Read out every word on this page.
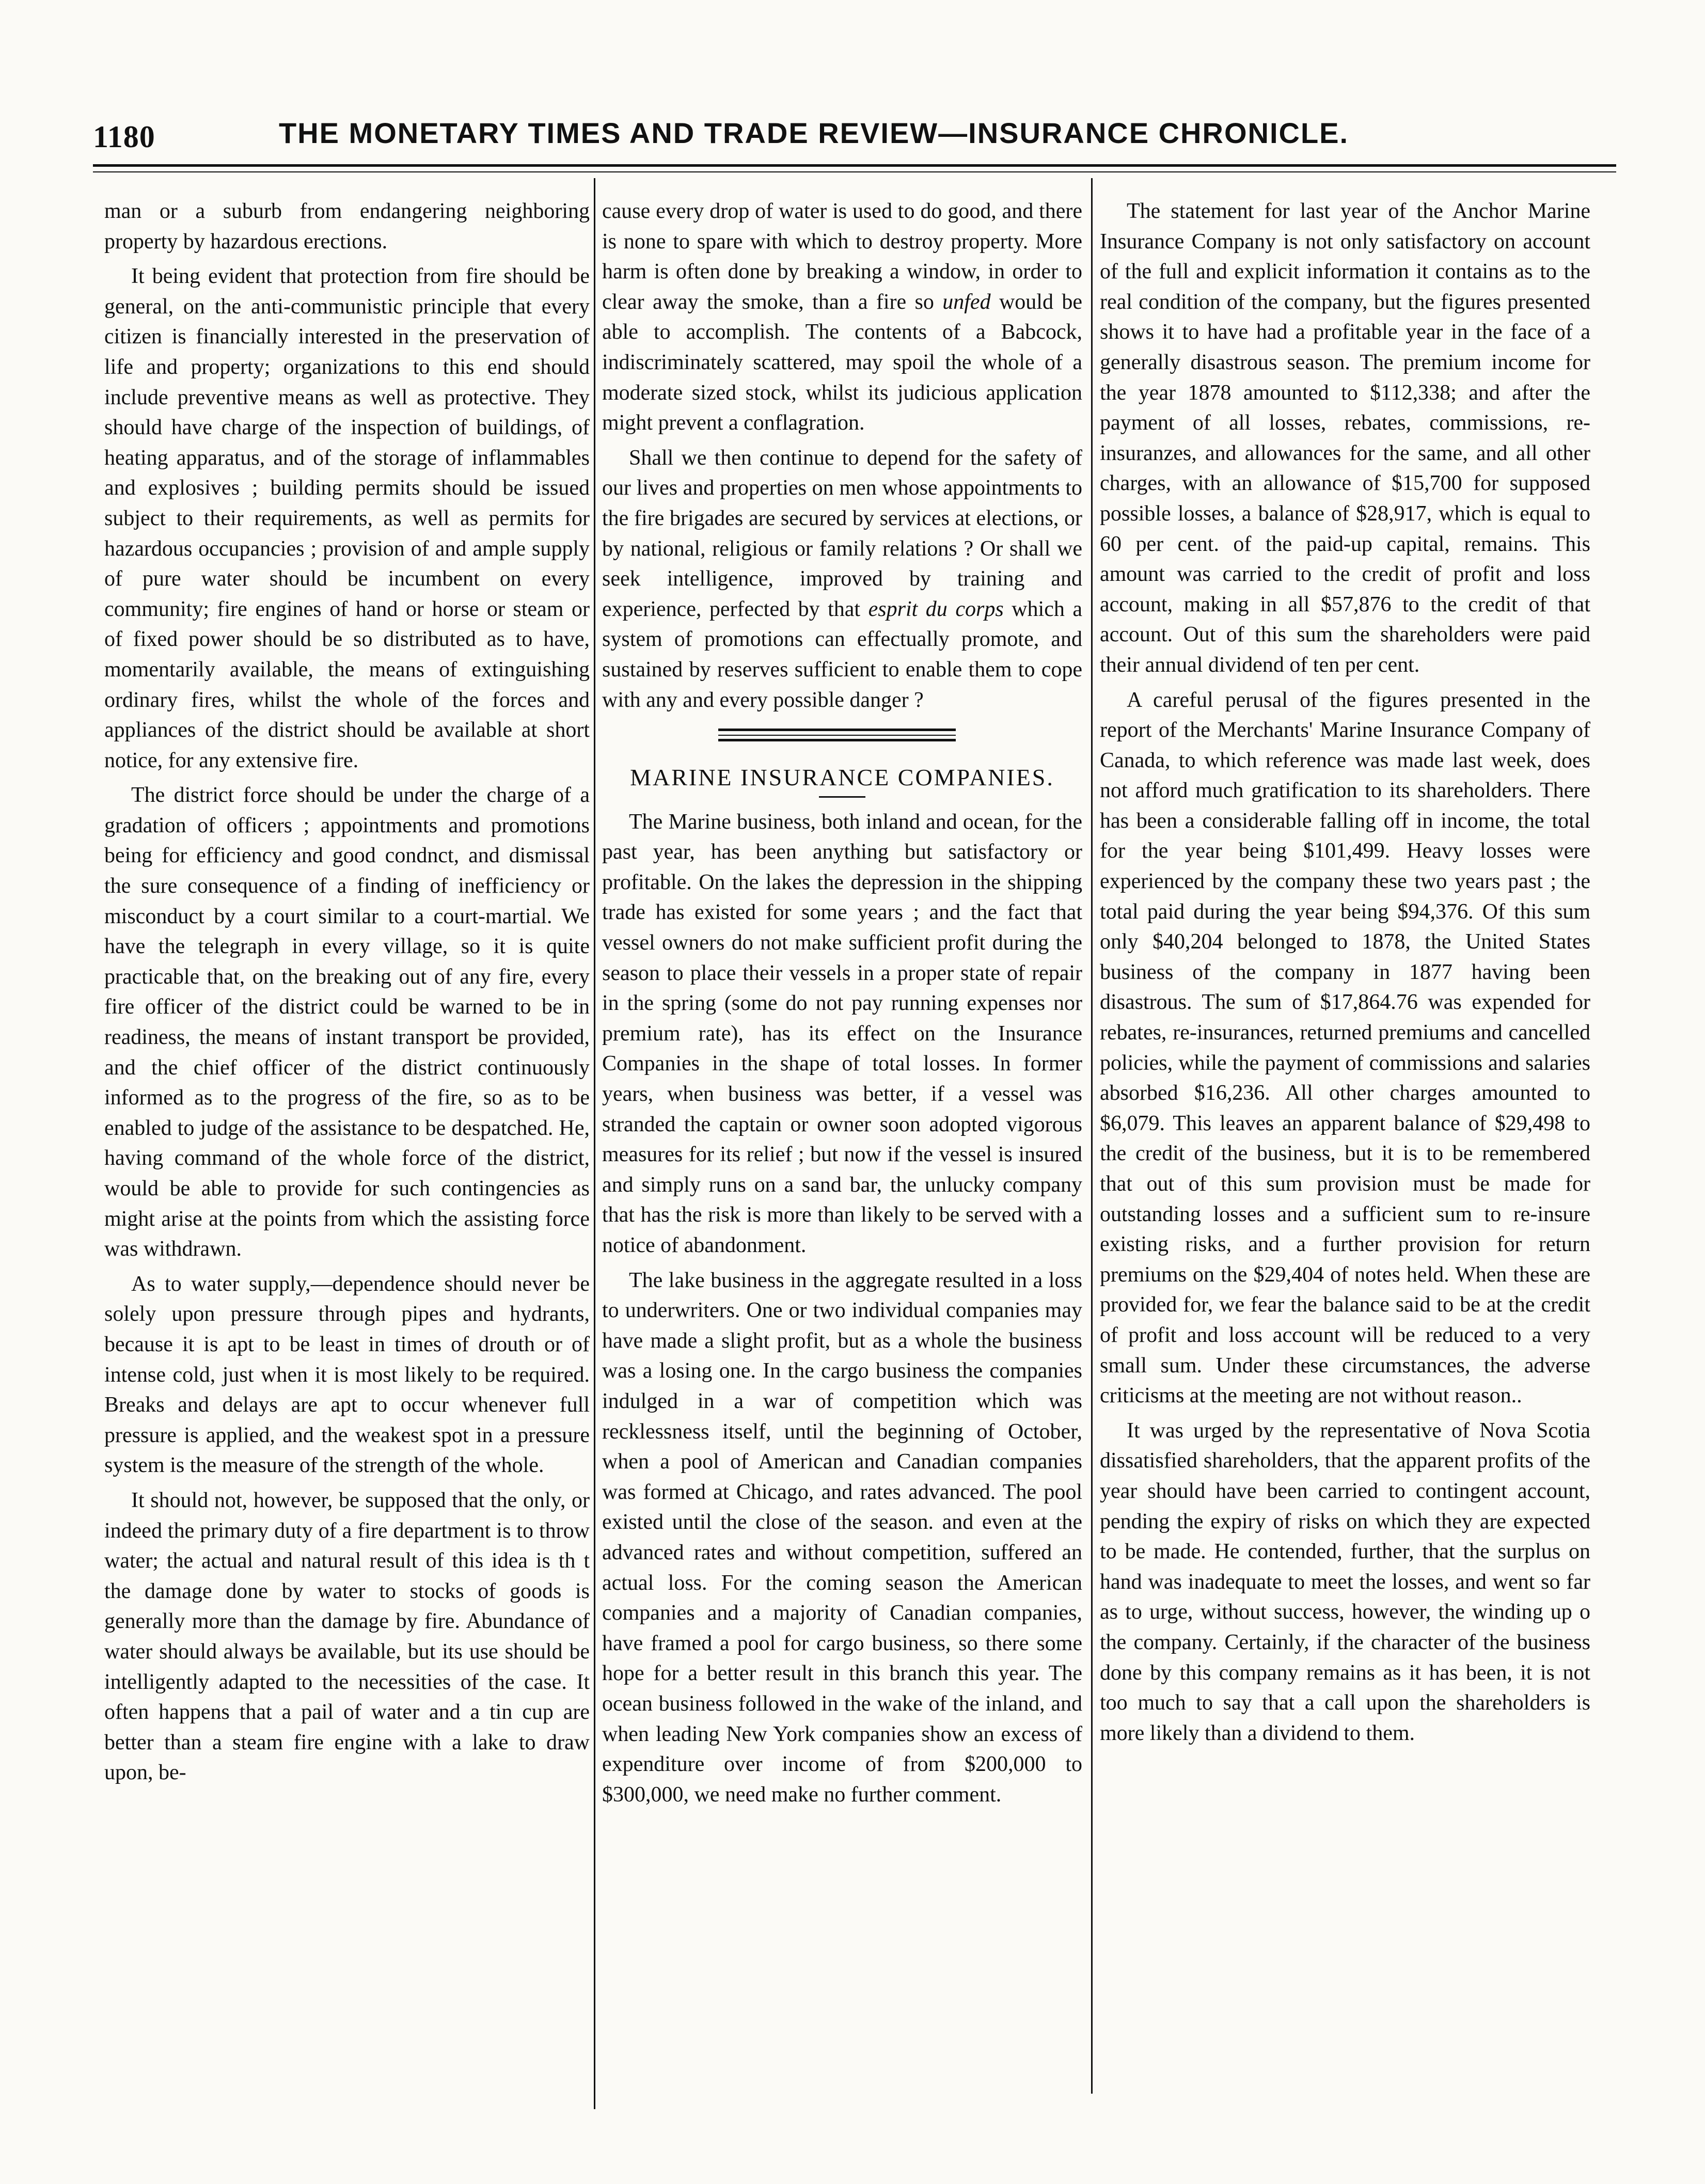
1180	THE MONETARY TIMES AND TRADE REVIEW—INSURANCE CHRONICLE.

man or a suburb from endangering neighboring property by hazardous erections.

It being evident that protection from fire should be general, on the anti-communistic principle that every citizen is financially interested in the preservation of life and property; organizations to this end should include preventive means as well as protective. They should have charge of the inspection of buildings, of heating apparatus, and of the storage of inflammables and explosives ; building permits should be issued subject to their requirements, as well as permits for hazardous occupancies ; provision of and ample supply of pure water should be incumbent on every community; fire engines of hand or horse or steam or of fixed power should be so distributed as to have, momentarily available, the means of extinguishing ordinary fires, whilst the whole of the forces and appliances of the district should be available at short notice, for any extensive fire.

The district force should be under the charge of a gradation of officers ; appointments and promotions being for efficiency and good condnct, and dismissal the sure consequence of a finding of inefficiency or misconduct by a court similar to a court-martial. We have the telegraph in every village, so it is quite practicable that, on the breaking out of any fire, every fire officer of the district could be warned to be in readiness, the means of instant transport be provided, and the chief officer of the district continuously informed as to the progress of the fire, so as to be enabled to judge of the assistance to be despatched. He, having command of the whole force of the district, would be able to provide for such contingencies as might arise at the points from which the assisting force was withdrawn.

As to water supply,—dependence should never be solely upon pressure through pipes and hydrants, because it is apt to be least in times of drouth or of intense cold, just when it is most likely to be required. Breaks and delays are apt to occur whenever full pressure is applied, and the weakest spot in a pressure system is the measure of the strength of the whole.

It should not, however, be supposed that the only, or indeed the primary duty of a fire department is to throw water; the actual and natural result of this idea is th t the damage done by water to stocks of goods is generally more than the damage by fire. Abundance of water should always be available, but its use should be intelligently adapted to the necessities of the case. It often happens that a pail of water and a tin cup are better than a steam fire engine with a lake to draw upon, be-

cause every drop of water is used to do good, and there is none to spare with which to destroy property. More harm is often done by breaking a window, in order to clear away the smoke, than a fire so unfed would be able to accomplish. The contents of a Babcock, indiscriminately scattered, may spoil the whole of a moderate sized stock, whilst its judicious application might prevent a conflagration.

Shall we then continue to depend for the safety of our lives and properties on men whose appointments to the fire brigades are secured by services at elections, or by national, religious or family relations ? Or shall we seek intelligence, improved by training and experience, perfected by that esprit du corps which a system of promotions can effectually promote, and sustained by reserves sufficient to enable them to cope with any and every possible danger ?

MARINE INSURANCE COMPANIES.

The Marine business, both inland and ocean, for the past year, has been anything but satisfactory or profitable. On the lakes the depression in the shipping trade has existed for some years ; and the fact that vessel owners do not make sufficient profit during the season to place their vessels in a proper state of repair in the spring (some do not pay running expenses nor premium rate), has its effect on the Insurance Companies in the shape of total losses. In former years, when business was better, if a vessel was stranded the captain or owner soon adopted vigorous measures for its relief ; but now if the vessel is insured and simply runs on a sand bar, the unlucky company that has the risk is more than likely to be served with a notice of abandonment.

The lake business in the aggregate resulted in a loss to underwriters. One or two individual companies may have made a slight profit, but as a whole the business was a losing one. In the cargo business the companies indulged in a war of competition which was recklessness itself, until the beginning of October, when a pool of American and Canadian companies was formed at Chicago, and rates advanced. The pool existed until the close of the season. and even at the advanced rates and without competition, suffered an actual loss. For the coming season the American companies and a majority of Canadian companies, have framed a pool for cargo business, so there some hope for a better result in this branch this year. The ocean business followed in the wake of the inland, and when leading New York companies show an excess of expenditure over income of from $200,000 to $300,000, we need make no further comment.

The statement for last year of the Anchor Marine Insurance Company is not only satisfactory on account of the full and explicit information it contains as to the real condition of the company, but the figures presented shows it to have had a profitable year in the face of a generally disastrous season. The premium income for the year 1878 amounted to $112,338; and after the payment of all losses, rebates, commissions, re-insuranzes, and allowances for the same, and all other charges, with an allowance of $15,700 for supposed possible losses, a balance of $28,917, which is equal to 60 per cent. of the paid-up capital, remains. This amount was carried to the credit of profit and loss account, making in all $57,876 to the credit of that account. Out of this sum the shareholders were paid their annual dividend of ten per cent.

A careful perusal of the figures presented in the report of the Merchants' Marine Insurance Company of Canada, to which reference was made last week, does not afford much gratification to its shareholders. There has been a considerable falling off in income, the total for the year being $101,499. Heavy losses were experienced by the company these two years past ; the total paid during the year being $94,376. Of this sum only $40,204 belonged to 1878, the United States business of the company in 1877 having been disastrous. The sum of $17,864.76 was expended for rebates, re-insurances, returned premiums and cancelled policies, while the payment of commissions and salaries absorbed $16,236. All other charges amounted to $6,079. This leaves an apparent balance of $29,498 to the credit of the business, but it is to be remembered that out of this sum provision must be made for outstanding losses and a sufficient sum to re-insure existing risks, and a further provision for return premiums on the $29,404 of notes held. When these are provided for, we fear the balance said to be at the credit of profit and loss account will be reduced to a very small sum. Under these circumstances, the adverse criticisms at the meeting are not without reason..

It was urged by the representative of Nova Scotia dissatisfied shareholders, that the apparent profits of the year should have been carried to contingent account, pending the expiry of risks on which they are expected to be made. He contended, further, that the surplus on hand was inadequate to meet the losses, and went so far as to urge, without success, however, the winding up o the company. Certainly, if the character of the business done by this company remains as it has been, it is not too much to say that a call upon the shareholders is more likely than a dividend to them.
